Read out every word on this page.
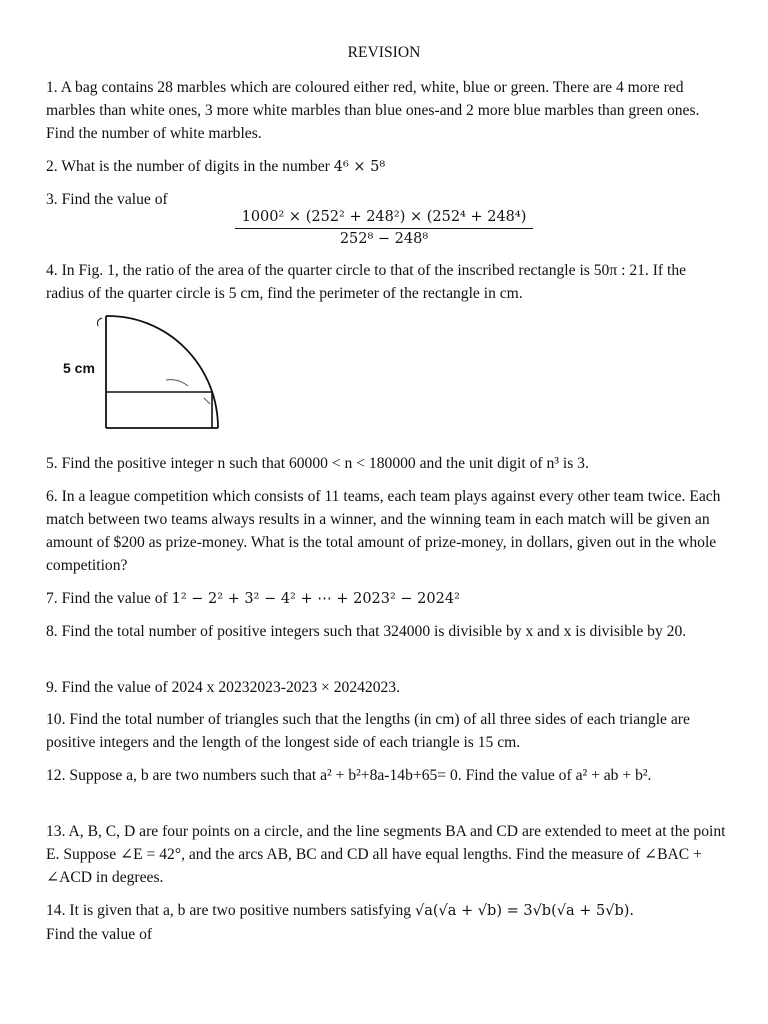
REVISION
1. A bag contains 28 marbles which are coloured either red, white, blue or green. There are 4 more red marbles than white ones, 3 more white marbles than blue ones-and 2 more blue marbles than green ones. Find the number of white marbles.
2. What is the number of digits in the number 4⁶ × 5⁸
3. Find the value of
$\frac{\text{1000² × (252² + 248²) × (252⁴ + 248⁴)}}{\text{252⁸ − 248⁸}}$
4. In Fig. 1, the ratio of the area of the quarter circle to that of the inscribed rectangle is 50π : 21. If the radius of the quarter circle is 5 cm, find the perimeter of the rectangle in cm.
5 cm
5. Find the positive integer n such that 60000 < n < 180000 and the unit digit of n³ is 3.
6. In a league competition which consists of 11 teams, each team plays against every other team twice. Each match between two teams always results in a winner, and the winning team in each match will be given an amount of $200 as prize-money. What is the total amount of prize-money, in dollars, given out in the whole competition?
7. Find the value of 1² − 2² + 3² − 4² + ⋯ + 2023² − 2024²
8. Find the total number of positive integers such that 324000 is divisible by x and x is divisible by 20.
9. Find the value of 2024 x 20232023-2023 × 20242023.
10. Find the total number of triangles such that the lengths (in cm) of all three sides of each triangle are positive integers and the length of the longest side of each triangle is 15 cm.
12. Suppose a, b are two numbers such that a² + b²+8a-14b+65= 0. Find the value of a² + ab + b².
13. A, B, C, D are four points on a circle, and the line segments BA and CD are extended to meet at the point E. Suppose ∠E = 42°, and the arcs AB, BC and CD all have equal lengths. Find the measure of ∠BAC + ∠ACD in degrees.
14. It is given that a, b are two positive numbers satisfying √a(√a + √b) = 3√b(√a + 5√b).
Find the value of
